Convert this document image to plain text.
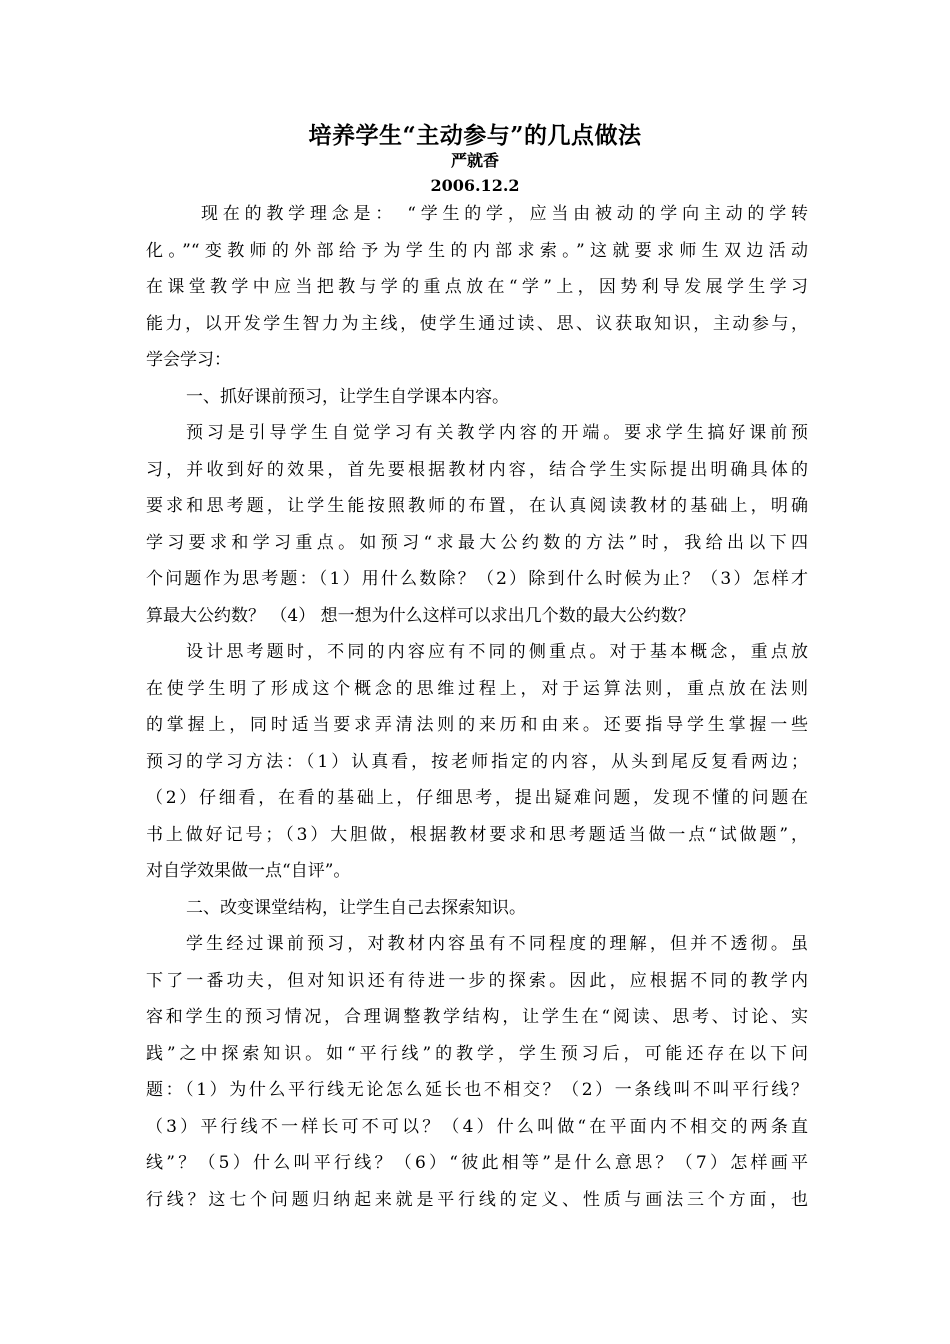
培养学生“主动参与”的几点做法
严就香
2006.12.2
现在的教学理念是： “学生的学，应当由被动的学向主动的学转
化。”“变教师的外部给予为学生的内部求索。”这就要求师生双边活动
在课堂教学中应当把教与学的重点放在“学”上，因势利导发展学生学习
能力，以开发学生智力为主线，使学生通过读、思、议获取知识，主动参与，
学会学习：
一、抓好课前预习，让学生自学课本内容。
预习是引导学生自觉学习有关教学内容的开端。要求学生搞好课前预
习，并收到好的效果，首先要根据教材内容，结合学生实际提出明确具体的
要求和思考题，让学生能按照教师的布置，在认真阅读教材的基础上，明确
学习要求和学习重点。如预习“求最大公约数的方法”时，我给出以下四
个问题作为思考题：（1）用什么数除？（2）除到什么时候为止？（3）怎样才
算最大公约数？ （4） 想一想为什么这样可以求出几个数的最大公约数？
设计思考题时，不同的内容应有不同的侧重点。对于基本概念，重点放
在使学生明了形成这个概念的思维过程上，对于运算法则，重点放在法则
的掌握上，同时适当要求弄清法则的来历和由来。还要指导学生掌握一些
预习的学习方法：（1）认真看，按老师指定的内容，从头到尾反复看两边；
（2）仔细看，在看的基础上，仔细思考，提出疑难问题，发现不懂的问题在
书上做好记号；（3）大胆做，根据教材要求和思考题适当做一点“试做题”，
对自学效果做一点“自评”。
二、改变课堂结构，让学生自己去探索知识。
学生经过课前预习，对教材内容虽有不同程度的理解，但并不透彻。虽
下了一番功夫，但对知识还有待进一步的探索。因此，应根据不同的教学内
容和学生的预习情况，合理调整教学结构，让学生在“阅读、思考、讨论、实
践”之中探索知识。如“平行线”的教学，学生预习后，可能还存在以下问
题：（1）为什么平行线无论怎么延长也不相交？（2）一条线叫不叫平行线？
（3）平行线不一样长可不可以？（4）什么叫做“在平面内不相交的两条直
线”？（5）什么叫平行线？（6）“彼此相等”是什么意思？（7）怎样画平
行线？这七个问题归纳起来就是平行线的定义、性质与画法三个方面，也
